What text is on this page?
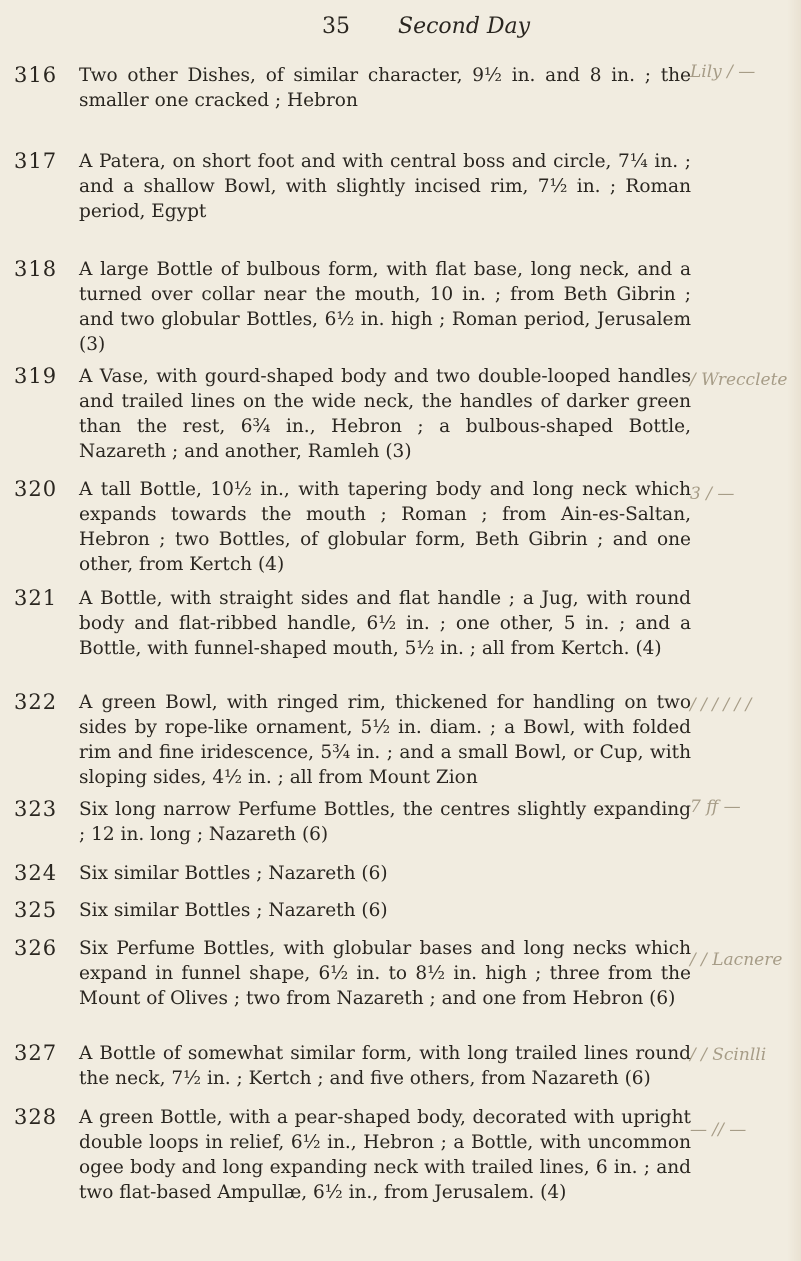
35 Second Day
316 Two other Dishes, of similar character, 9½ in. and 8 in. ; the smaller one cracked ; Hebron
317 A Patera, on short foot and with central boss and circle, 7¼ in. ; and a shallow Bowl, with slightly incised rim, 7½ in. ; Roman period, Egypt
318 A large Bottle of bulbous form, with flat base, long neck, and a turned over collar near the mouth, 10 in. ; from Beth Gibrin ; and two globular Bottles, 6½ in. high ; Roman period, Jerusalem (3)
319 A Vase, with gourd-shaped body and two double-looped handles and trailed lines on the wide neck, the handles of darker green than the rest, 6¾ in., Hebron ; a bulbous-shaped Bottle, Nazareth ; and another, Ramleh (3)
320 A tall Bottle, 10½ in., with tapering body and long neck which expands towards the mouth ; Roman ; from Ain-es-Saltan, Hebron ; two Bottles, of globular form, Beth Gibrin ; and one other, from Kertch (4)
321 A Bottle, with straight sides and flat handle ; a Jug, with round body and flat-ribbed handle, 6½ in. ; one other, 5 in. ; and a Bottle, with funnel-shaped mouth, 5½ in. ; all from Kertch. (4)
322 A green Bowl, with ringed rim, thickened for handling on two sides by rope-like ornament, 5½ in. diam. ; a Bowl, with folded rim and fine iridescence, 5¾ in. ; and a small Bowl, or Cup, with sloping sides, 4½ in. ; all from Mount Zion
323 Six long narrow Perfume Bottles, the centres slightly expanding ; 12 in. long ; Nazareth (6)
324 Six similar Bottles ; Nazareth (6)
325 Six similar Bottles ; Nazareth (6)
326 Six Perfume Bottles, with globular bases and long necks which expand in funnel shape, 6½ in. to 8½ in. high ; three from the Mount of Olives ; two from Nazareth ; and one from Hebron (6)
327 A Bottle of somewhat similar form, with long trailed lines round the neck, 7½ in. ; Kertch ; and five others, from Nazareth (6)
328 A green Bottle, with a pear-shaped body, decorated with upright double loops in relief, 6½ in., Hebron ; a Bottle, with uncommon ogee body and long expanding neck with trailed lines, 6 in. ; and two flat-based Ampullæ, 6½ in., from Jerusalem. (4)
Lily / —
/ Wrecclete
3 / —
/ / / / / /
7 ff —
/ / Lacnere
/ / Scinlli
— // —
